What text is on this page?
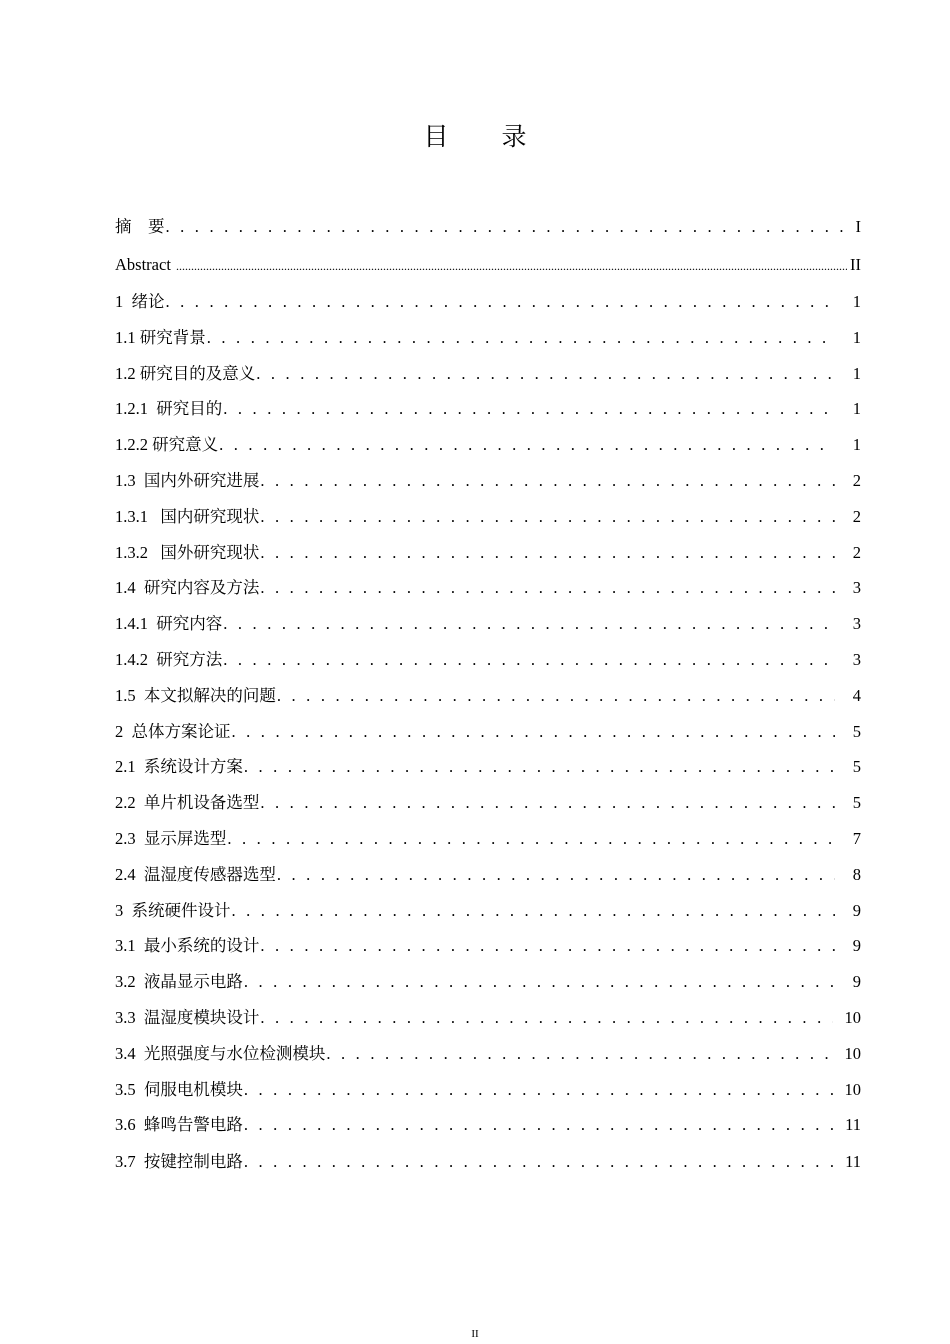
目　录
摘　要 . . .	I
Abstract .....	II
1  绪论 . . .	1
1.1 研究背景 . . .	1
1.2 研究目的及意义 . . .	1
1.2.1  研究目的 . . .	1
1.2.2 研究意义 . . .	1
1.3  国内外研究进展 . . .	2
1.3.1   国内研究现状 . . .	2
1.3.2   国外研究现状 . . .	2
1.4  研究内容及方法 . . .	3
1.4.1  研究内容 . . .	3
1.4.2  研究方法 . . .	3
1.5  本文拟解决的问题 . . .	4
2  总体方案论证 . . .	5
2.1  系统设计方案 . . .	5
2.2  单片机设备选型 . . .	5
2.3  显示屏选型 . . .	7
2.4  温湿度传感器选型 . . .	8
3  系统硬件设计 . . .	9
3.1  最小系统的设计 . . .	9
3.2  液晶显示电路 . . .	9
3.3  温湿度模块设计 . . .	10
3.4  光照强度与水位检测模块 . . .	10
3.5  伺服电机模块 . . .	10
3.6  蜂鸣告警电路 . . .	11
3.7  按键控制电路 . . .	11
II
